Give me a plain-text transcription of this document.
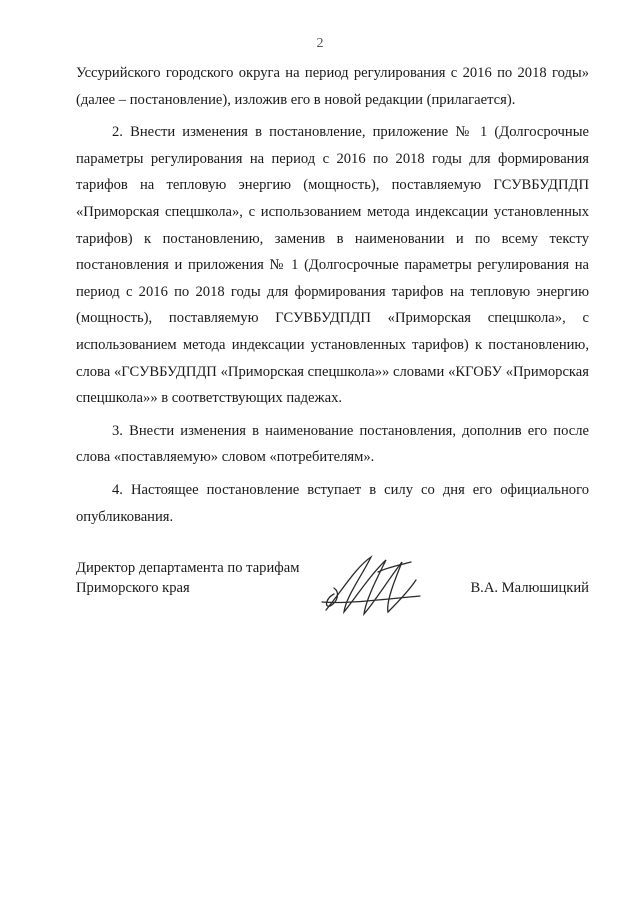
2

Уссурийского городского округа на период регулирования с 2016 по 2018 годы» (далее – постановление), изложив его в новой редакции (прилагается).

2. Внести изменения в постановление, приложение № 1 (Долгосрочные параметры регулирования на период с 2016 по 2018 годы для формирования тарифов на тепловую энергию (мощность), поставляемую ГСУВБУДПДП «Приморская спецшкола», с использованием метода индексации установленных тарифов) к постановлению, заменив в наименовании и по всему тексту постановления и приложения № 1 (Долгосрочные параметры регулирования на период с 2016 по 2018 годы для формирования тарифов на тепловую энергию (мощность), поставляемую ГСУВБУДПДП «Приморская спецшкола», с использованием метода индексации установленных тарифов) к постановлению, слова «ГСУВБУДПДП «Приморская спецшкола»» словами «КГОБУ «Приморская спецшкола»» в соответствующих падежах.

3. Внести изменения в наименование постановления, дополнив его после слова «поставляемую» словом «потребителям».

4. Настоящее постановление вступает в силу со дня его официального опубликования.

Директор департамента по тарифам
Приморского края	В.А. Малюшицкий
